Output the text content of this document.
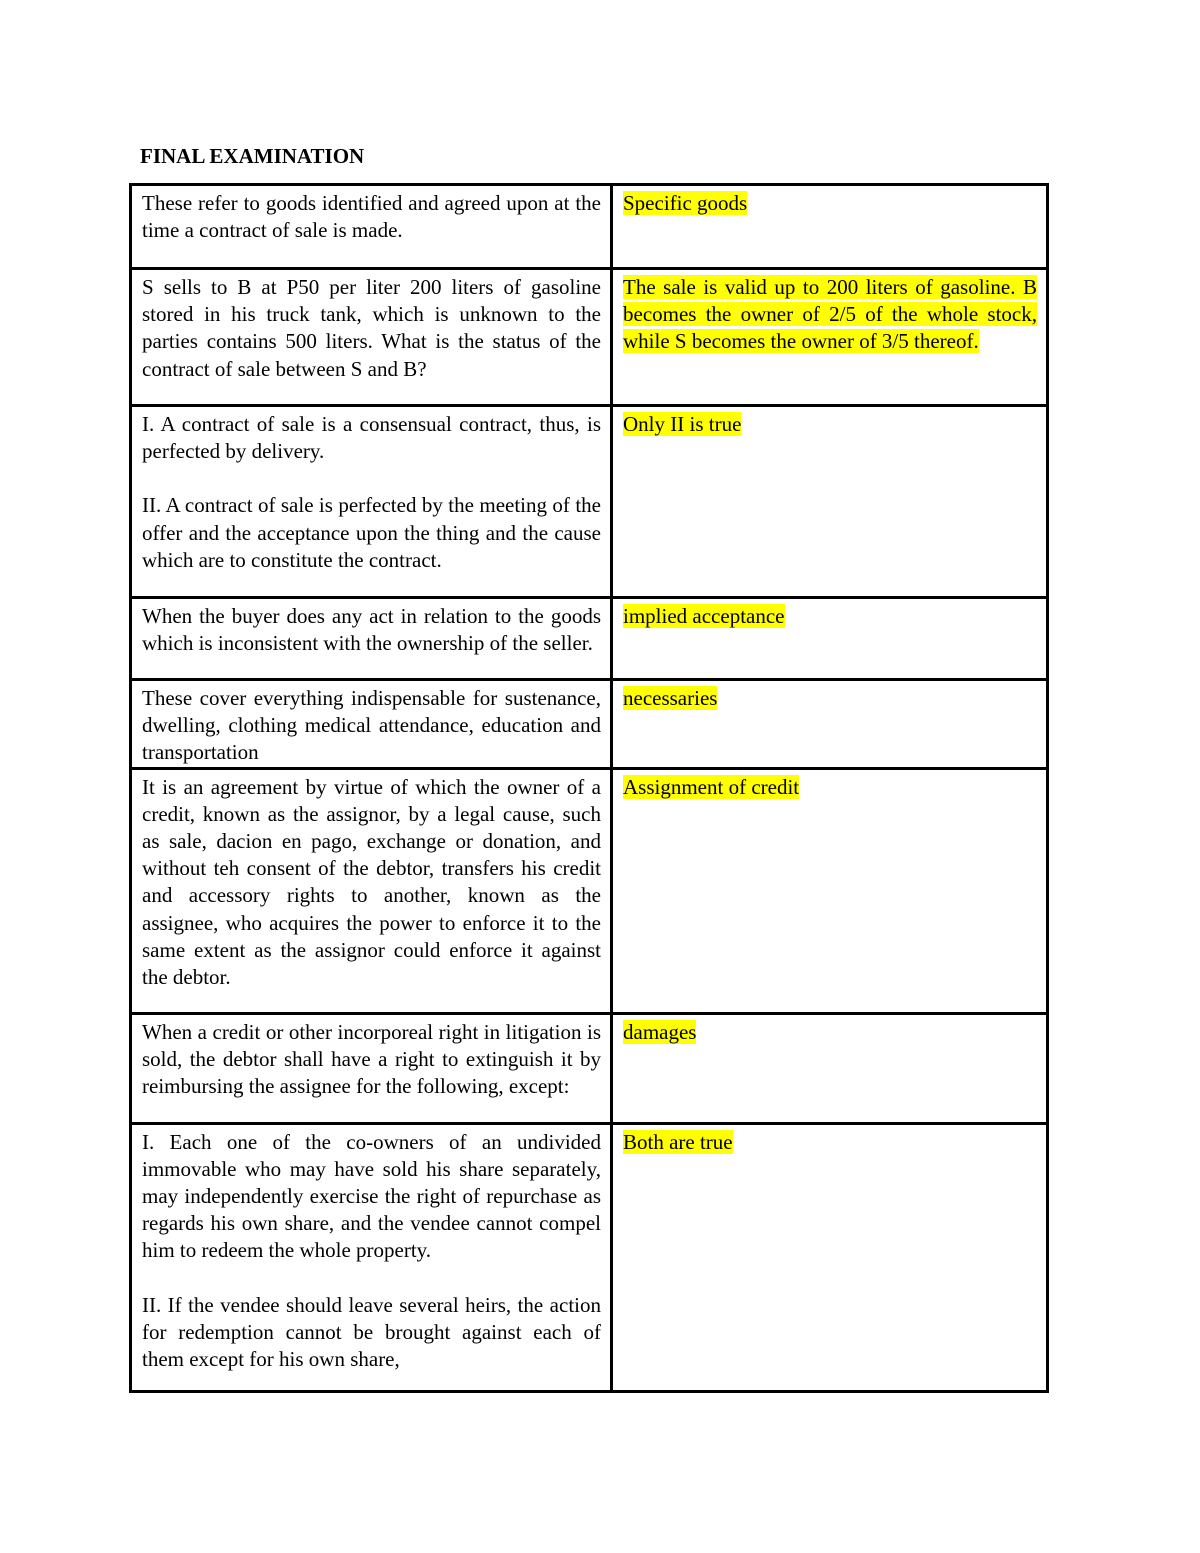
FINAL EXAMINATION

These refer to goods identified and agreed upon at the time a contract of sale is made.	Specific goods

S sells to B at P50 per liter 200 liters of gasoline stored in his truck tank, which is unknown to the parties contains 500 liters. What is the status of the contract of sale between S and B?	The sale is valid up to 200 liters of gasoline. B becomes the owner of 2/5 of the whole stock, while S becomes the owner of 3/5 thereof.

I. A contract of sale is a consensual contract, thus, is perfected by delivery.

II. A contract of sale is perfected by the meeting of the offer and the acceptance upon the thing and the cause which are to constitute the contract.	Only II is true

When the buyer does any act in relation to the goods which is inconsistent with the ownership of the seller.	implied acceptance

These cover everything indispensable for sustenance, dwelling, clothing medical attendance, education and transportation	necessaries

It is an agreement by virtue of which the owner of a credit, known as the assignor, by a legal cause, such as sale, dacion en pago, exchange or donation, and without teh consent of the debtor, transfers his credit and accessory rights to another, known as the assignee, who acquires the power to enforce it to the same extent as the assignor could enforce it against the debtor.	Assignment of credit

When a credit or other incorporeal right in litigation is sold, the debtor shall have a right to extinguish it by reimbursing the assignee for the following, except:	damages

I. Each one of the co-owners of an undivided immovable who may have sold his share separately, may independently exercise the right of repurchase as regards his own share, and the vendee cannot compel him to redeem the whole property.

II. If the vendee should leave several heirs, the action for redemption cannot be brought against each of them except for his own share,	Both are true
